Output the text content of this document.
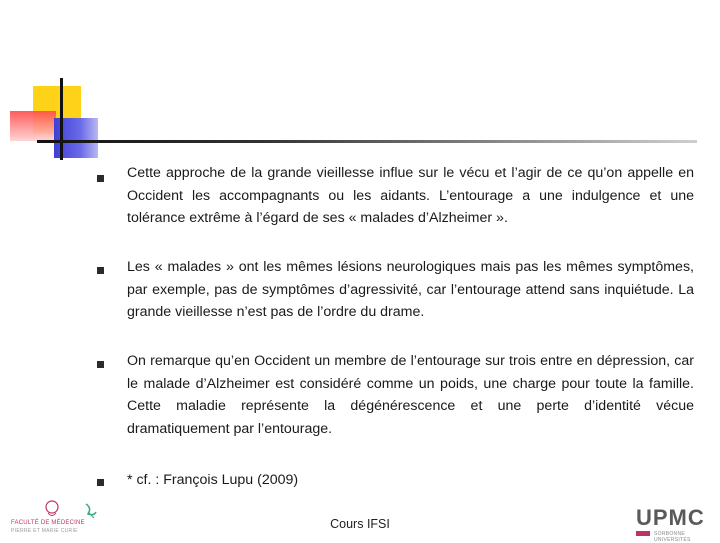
Cette approche de la grande vieillesse influe sur le vécu et l’agir de ce qu’on appelle en Occident les accompagnants ou les aidants. L’entourage a une indulgence et une tolérance extrême à l’égard de ses « malades d’Alzheimer ».
Les « malades » ont les mêmes lésions neurologiques mais pas les mêmes symptômes, par exemple, pas de symptômes d’agressivité, car l’entourage attend sans inquiétude. La grande vieillesse n’est pas de l’ordre du drame.
On remarque qu’en Occident un membre de l’entourage sur trois entre en dépression, car le malade d’Alzheimer est considéré comme un poids, une charge pour toute la famille. Cette maladie représente la dégénérescence et une perte d’identité vécue dramatiquement par l’entourage.
* cf. : François Lupu (2009)
FACULTÉ DE MÉDECINE
PIERRE ET MARIE CURIE	Cours IFSI	UPMC
SORBONNE UNIVERSITÉS
